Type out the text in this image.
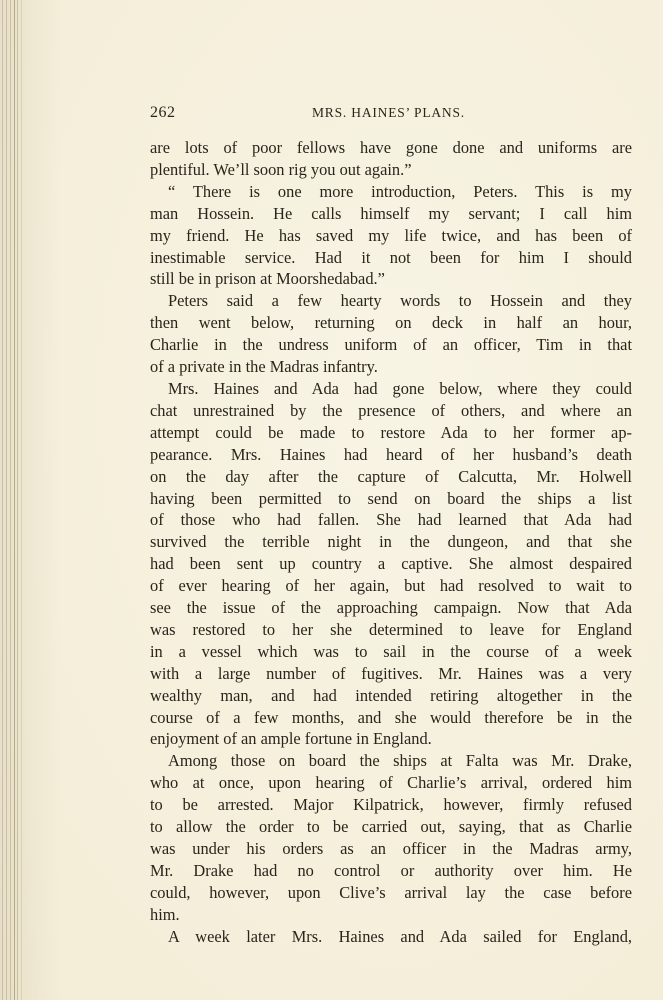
262	MRS. HAINES’ PLANS.
are lots of poor fellows have gone done and uniforms are
plentiful. We’ll soon rig you out again.”
“ There is one more introduction, Peters. This is my
man Hossein. He calls himself my servant; I call him
my friend. He has saved my life twice, and has been of
inestimable service. Had it not been for him I should
still be in prison at Moorshedabad.”
Peters said a few hearty words to Hossein and they
then went below, returning on deck in half an hour,
Charlie in the undress uniform of an officer, Tim in that
of a private in the Madras infantry.
Mrs. Haines and Ada had gone below, where they could
chat unrestrained by the presence of others, and where an
attempt could be made to restore Ada to her former ap-
pearance. Mrs. Haines had heard of her husband’s death
on the day after the capture of Calcutta, Mr. Holwell
having been permitted to send on board the ships a list
of those who had fallen. She had learned that Ada had
survived the terrible night in the dungeon, and that she
had been sent up country a captive. She almost despaired
of ever hearing of her again, but had resolved to wait to
see the issue of the approaching campaign. Now that Ada
was restored to her she determined to leave for England
in a vessel which was to sail in the course of a week
with a large number of fugitives. Mr. Haines was a very
wealthy man, and had intended retiring altogether in the
course of a few months, and she would therefore be in the
enjoyment of an ample fortune in England.
Among those on board the ships at Falta was Mr. Drake,
who at once, upon hearing of Charlie’s arrival, ordered him
to be arrested. Major Kilpatrick, however, firmly refused
to allow the order to be carried out, saying, that as Charlie
was under his orders as an officer in the Madras army,
Mr. Drake had no control or authority over him. He
could, however, upon Clive’s arrival lay the case before
him.
A week later Mrs. Haines and Ada sailed for England,
